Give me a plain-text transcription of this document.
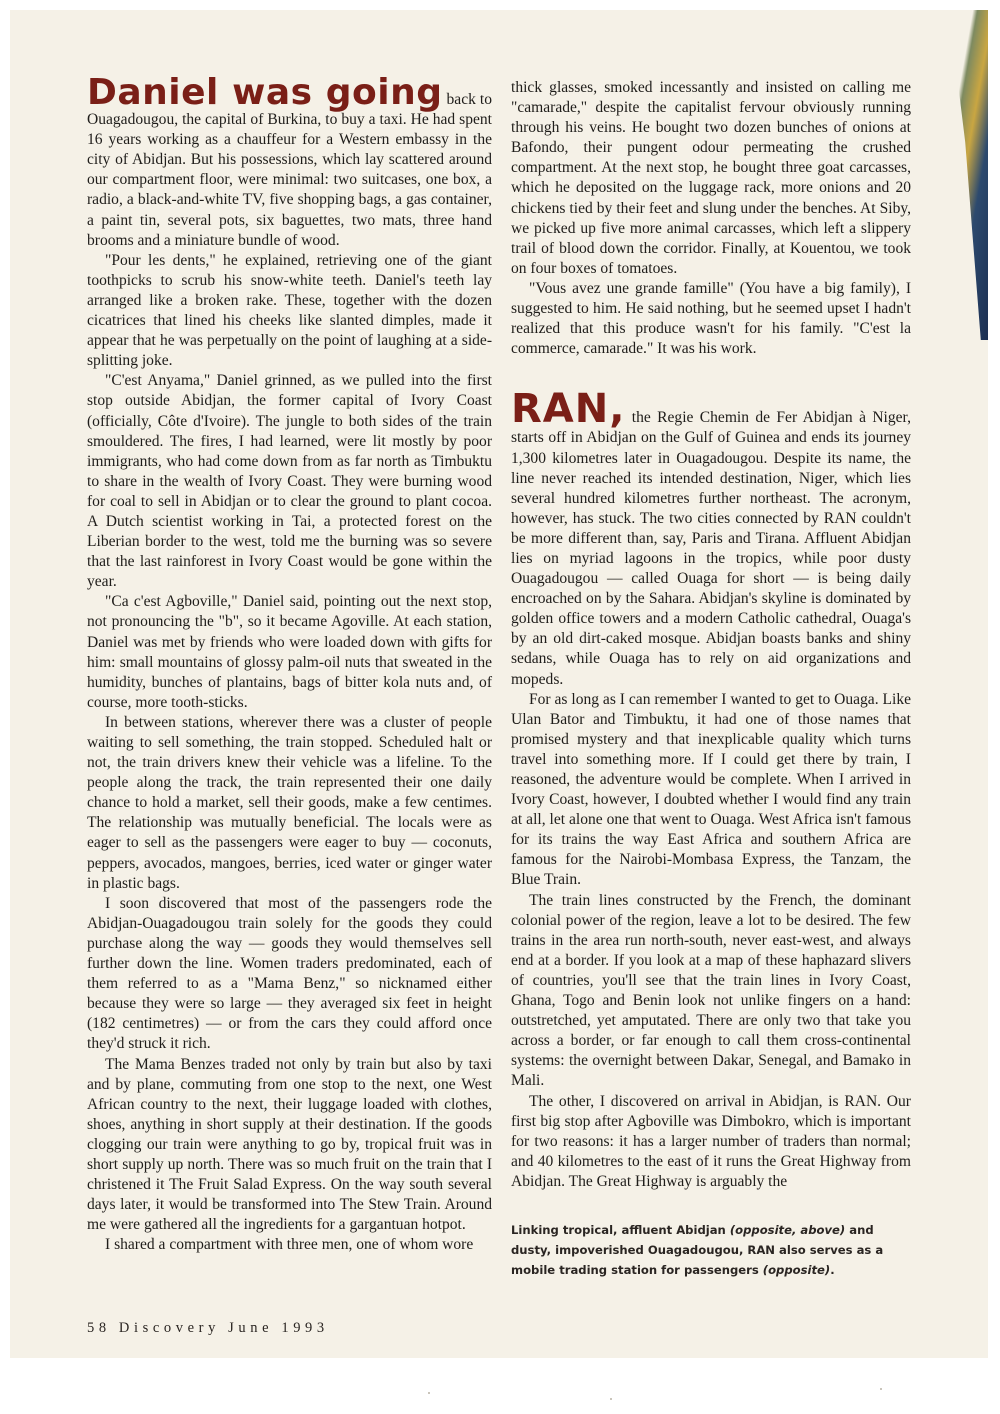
Daniel was going back to Ouagadougou, the capital of Burkina, to buy a taxi. He had spent 16 years working as a chauffeur for a Western embassy in the city of Abidjan. But his possessions, which lay scattered around our compartment floor, were minimal: two suitcases, one box, a radio, a black-and-white TV, five shopping bags, a gas container, a paint tin, several pots, six baguettes, two mats, three hand brooms and a miniature bundle of wood.

"Pour les dents," he explained, retrieving one of the giant toothpicks to scrub his snow-white teeth. Daniel's teeth lay arranged like a broken rake. These, together with the dozen cicatrices that lined his cheeks like slanted dimples, made it appear that he was perpetually on the point of laughing at a side-splitting joke.

"C'est Anyama," Daniel grinned, as we pulled into the first stop outside Abidjan, the former capital of Ivory Coast (officially, Côte d'Ivoire). The jungle to both sides of the train smouldered. The fires, I had learned, were lit mostly by poor immigrants, who had come down from as far north as Timbuktu to share in the wealth of Ivory Coast. They were burning wood for coal to sell in Abidjan or to clear the ground to plant cocoa. A Dutch scientist working in Tai, a protected forest on the Liberian border to the west, told me the burning was so severe that the last rainforest in Ivory Coast would be gone within the year.

"Ca c'est Agboville," Daniel said, pointing out the next stop, not pronouncing the "b", so it became Agoville. At each station, Daniel was met by friends who were loaded down with gifts for him: small mountains of glossy palm-oil nuts that sweated in the humidity, bunches of plantains, bags of bitter kola nuts and, of course, more tooth-sticks.

In between stations, wherever there was a cluster of people waiting to sell something, the train stopped. Scheduled halt or not, the train drivers knew their vehicle was a lifeline. To the people along the track, the train represented their one daily chance to hold a market, sell their goods, make a few centimes. The relationship was mutually beneficial. The locals were as eager to sell as the passengers were eager to buy — coconuts, peppers, avocados, mangoes, berries, iced water or ginger water in plastic bags.

I soon discovered that most of the passengers rode the Abidjan-Ouagadougou train solely for the goods they could purchase along the way — goods they would themselves sell further down the line. Women traders predominated, each of them referred to as a "Mama Benz," so nicknamed either because they were so large — they averaged six feet in height (182 centimetres) — or from the cars they could afford once they'd struck it rich.

The Mama Benzes traded not only by train but also by taxi and by plane, commuting from one stop to the next, one West African country to the next, their luggage loaded with clothes, shoes, anything in short supply at their destination. If the goods clogging our train were anything to go by, tropical fruit was in short supply up north. There was so much fruit on the train that I christened it The Fruit Salad Express. On the way south several days later, it would be transformed into The Stew Train. Around me were gathered all the ingredients for a gargantuan hotpot.

I shared a compartment with three men, one of whom wore

thick glasses, smoked incessantly and insisted on calling me "camarade," despite the capitalist fervour obviously running through his veins. He bought two dozen bunches of onions at Bafondo, their pungent odour permeating the crushed compartment. At the next stop, he bought three goat carcasses, which he deposited on the luggage rack, more onions and 20 chickens tied by their feet and slung under the benches. At Siby, we picked up five more animal carcasses, which left a slippery trail of blood down the corridor. Finally, at Kouentou, we took on four boxes of tomatoes.

"Vous avez une grande famille" (You have a big family), I suggested to him. He said nothing, but he seemed upset I hadn't realized that this produce wasn't for his family. "C'est la commerce, camarade." It was his work.

RAN, the Regie Chemin de Fer Abidjan à Niger, starts off in Abidjan on the Gulf of Guinea and ends its journey 1,300 kilometres later in Ouagadougou. Despite its name, the line never reached its intended destination, Niger, which lies several hundred kilometres further northeast. The acronym, however, has stuck. The two cities connected by RAN couldn't be more different than, say, Paris and Tirana. Affluent Abidjan lies on myriad lagoons in the tropics, while poor dusty Ouagadougou — called Ouaga for short — is being daily encroached on by the Sahara. Abidjan's skyline is dominated by golden office towers and a modern Catholic cathedral, Ouaga's by an old dirt-caked mosque. Abidjan boasts banks and shiny sedans, while Ouaga has to rely on aid organizations and mopeds.

For as long as I can remember I wanted to get to Ouaga. Like Ulan Bator and Timbuktu, it had one of those names that promised mystery and that inexplicable quality which turns travel into something more. If I could get there by train, I reasoned, the adventure would be complete. When I arrived in Ivory Coast, however, I doubted whether I would find any train at all, let alone one that went to Ouaga. West Africa isn't famous for its trains the way East Africa and southern Africa are famous for the Nairobi-Mombasa Express, the Tanzam, the Blue Train.

The train lines constructed by the French, the dominant colonial power of the region, leave a lot to be desired. The few trains in the area run north-south, never east-west, and always end at a border. If you look at a map of these haphazard slivers of countries, you'll see that the train lines in Ivory Coast, Ghana, Togo and Benin look not unlike fingers on a hand: outstretched, yet amputated. There are only two that take you across a border, or far enough to call them cross-continental systems: the overnight between Dakar, Senegal, and Bamako in Mali.

The other, I discovered on arrival in Abidjan, is RAN. Our first big stop after Agboville was Dimbokro, which is important for two reasons: it has a larger number of traders than normal; and 40 kilometres to the east of it runs the Great Highway from Abidjan. The Great Highway is arguably the

Linking tropical, affluent Abidjan (opposite, above) and dusty, impoverished Ouagadougou, RAN also serves as a mobile trading station for passengers (opposite).
58 Discovery June 1993
